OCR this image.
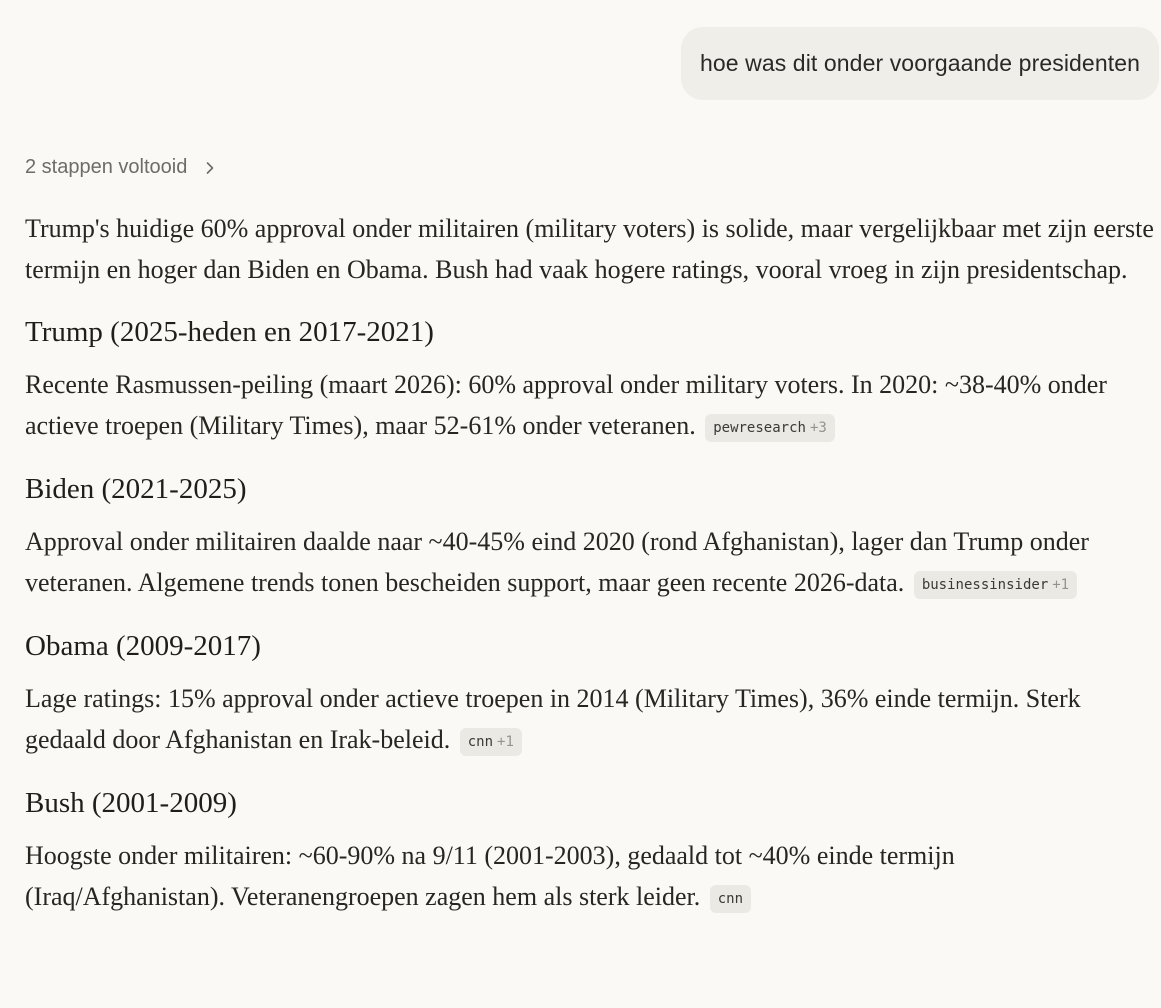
hoe was dit onder voorgaande presidenten
2 stappen voltooid

Trump's huidige 60% approval onder militairen (military voters) is solide, maar vergelijkbaar met zijn eerste termijn en hoger dan Biden en Obama. Bush had vaak hogere ratings, vooral vroeg in zijn presidentschap.

Trump (2025-heden en 2017-2021)

Recente Rasmussen-peiling (maart 2026): 60% approval onder military voters. In 2020: ~38-40% onder actieve troepen (Military Times), maar 52-61% onder veteranen. pewresearch +3

Biden (2021-2025)

Approval onder militairen daalde naar ~40-45% eind 2020 (rond Afghanistan), lager dan Trump onder veteranen. Algemene trends tonen bescheiden support, maar geen recente 2026-data. businessinsider +1

Obama (2009-2017)

Lage ratings: 15% approval onder actieve troepen in 2014 (Military Times), 36% einde termijn. Sterk gedaald door Afghanistan en Irak-beleid. cnn +1

Bush (2001-2009)

Hoogste onder militairen: ~60-90% na 9/11 (2001-2003), gedaald tot ~40% einde termijn (Iraq/Afghanistan). Veteranengroepen zagen hem als sterk leider. cnn
